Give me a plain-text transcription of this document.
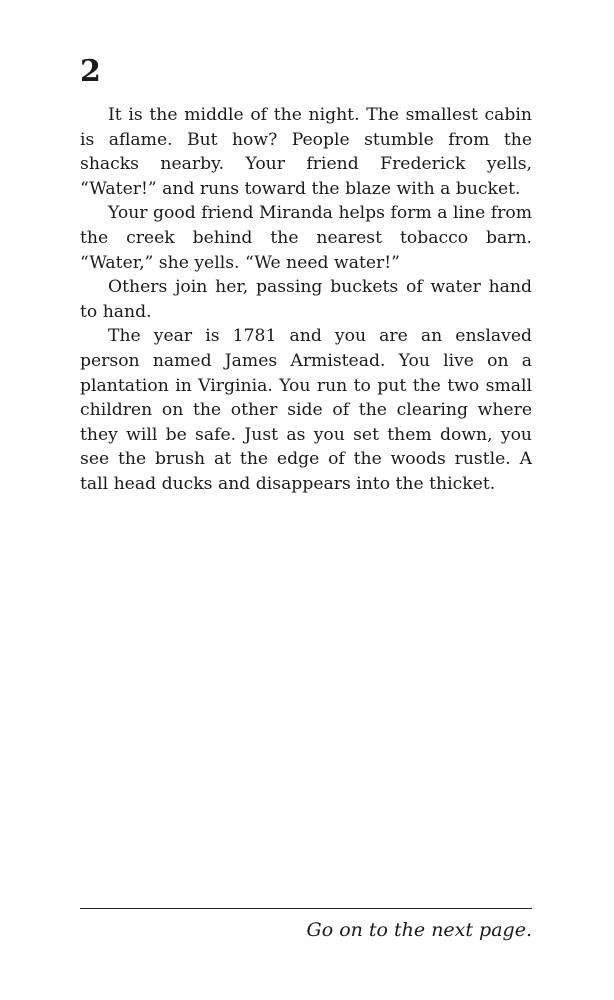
2

It is the middle of the night. The smallest cabin is aflame. But how? People stumble from the shacks nearby. Your friend Frederick yells, “Water!” and runs toward the blaze with a bucket.

Your good friend Miranda helps form a line from the creek behind the nearest tobacco barn. “Water,” she yells. “We need water!”

Others join her, passing buckets of water hand to hand.

The year is 1781 and you are an enslaved person named James Armistead. You live on a plantation in Virginia. You run to put the two small children on the other side of the clearing where they will be safe. Just as you set them down, you see the brush at the edge of the woods rustle. A tall head ducks and disappears into the thicket.

Go on to the next page.
